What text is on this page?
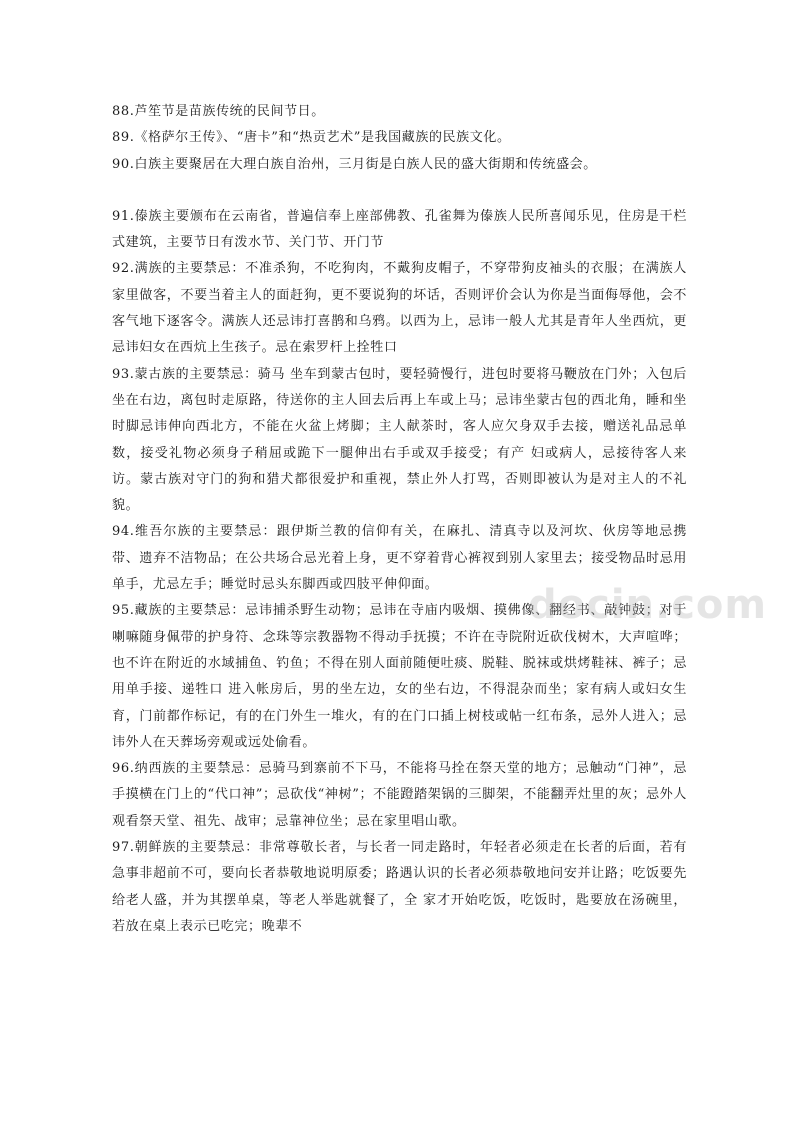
88.芦笙节是苗族传统的民间节日。

89.《格萨尔王传》、“唐卡”和“热贡艺术”是我国藏族的民族文化。

90.白族主要聚居在大理白族自治州，三月街是白族人民的盛大街期和传统盛会。

91.傣族主要颁布在云南省，普遍信奉上座部佛教、孔雀舞为傣族人民所喜闻乐见，住房是干栏式建筑，主要节日有泼水节、关门节、开门节

92.满族的主要禁忌：不准杀狗，不吃狗肉，不戴狗皮帽子，不穿带狗皮袖头的衣服；在满族人家里做客，不要当着主人的面赶狗，更不要说狗的坏话，否则评价会认为你是当面侮辱他，会不客气地下逐客令。满族人还忌讳打喜鹊和乌鸦。以西为上，忌讳一般人尤其是青年人坐西炕，更忌讳妇女在西炕上生孩子。忌在索罗杆上拴牲口

93.蒙古族的主要禁忌：骑马 坐车到蒙古包时，要轻骑慢行，进包时要将马鞭放在门外；入包后坐在右边，离包时走原路，待送你的主人回去后再上车或上马；忌讳坐蒙古包的西北角，睡和坐时脚忌讳伸向西北方，不能在火盆上烤脚；主人献茶时，客人应欠身双手去接，赠送礼品忌单数，接受礼物必须身子稍屈或跪下一腿伸出右手或双手接受；有产 妇或病人，忌接待客人来访。蒙古族对守门的狗和猎犬都很爱护和重视，禁止外人打骂，否则即被认为是对主人的不礼貌。

94.维吾尔族的主要禁忌：跟伊斯兰教的信仰有关，在麻扎、清真寺以及河坎、伙房等地忌携带、遗弃不洁物品；在公共场合忌光着上身，更不穿着背心裤衩到别人家里去；接受物品时忌用单手，尤忌左手；睡觉时忌头东脚西或四肢平伸仰面。

95.藏族的主要禁忌：忌讳捕杀野生动物；忌讳在寺庙内吸烟、摸佛像、翻经书、敲钟鼓；对于喇嘛随身佩带的护身符、念珠等宗教器物不得动手抚摸；不许在寺院附近砍伐树木，大声喧哗；也不许在附近的水域捕鱼、钓鱼；不得在别人面前随便吐痰、脱鞋、脱袜或烘烤鞋袜、裤子；忌用单手接、递牲口 进入帐房后，男的坐左边，女的坐右边，不得混杂而坐；家有病人或妇女生育，门前都作标记，有的在门外生一堆火，有的在门口插上树枝或帖一红布条，忌外人进入；忌讳外人在天葬场旁观或远处偷看。

96.纳西族的主要禁忌：忌骑马到寨前不下马，不能将马拴在祭天堂的地方；忌触动“门神”，忌手摸横在门上的“代口神”；忌砍伐“神树”；不能蹬踏架锅的三脚架，不能翻弄灶里的灰；忌外人观看祭天堂、祖先、战审；忌靠神位坐；忌在家里唱山歌。

97.朝鲜族的主要禁忌：非常尊敬长者，与长者一同走路时，年轻者必须走在长者的后面，若有急事非超前不可，要向长者恭敬地说明原委；路遇认识的长者必须恭敬地问安并让路；吃饭要先给老人盛，并为其摆单桌，等老人举匙就餐了，全 家才开始吃饭，吃饭时，匙要放在汤碗里，若放在桌上表示已吃完；晚辈不

docin.com
